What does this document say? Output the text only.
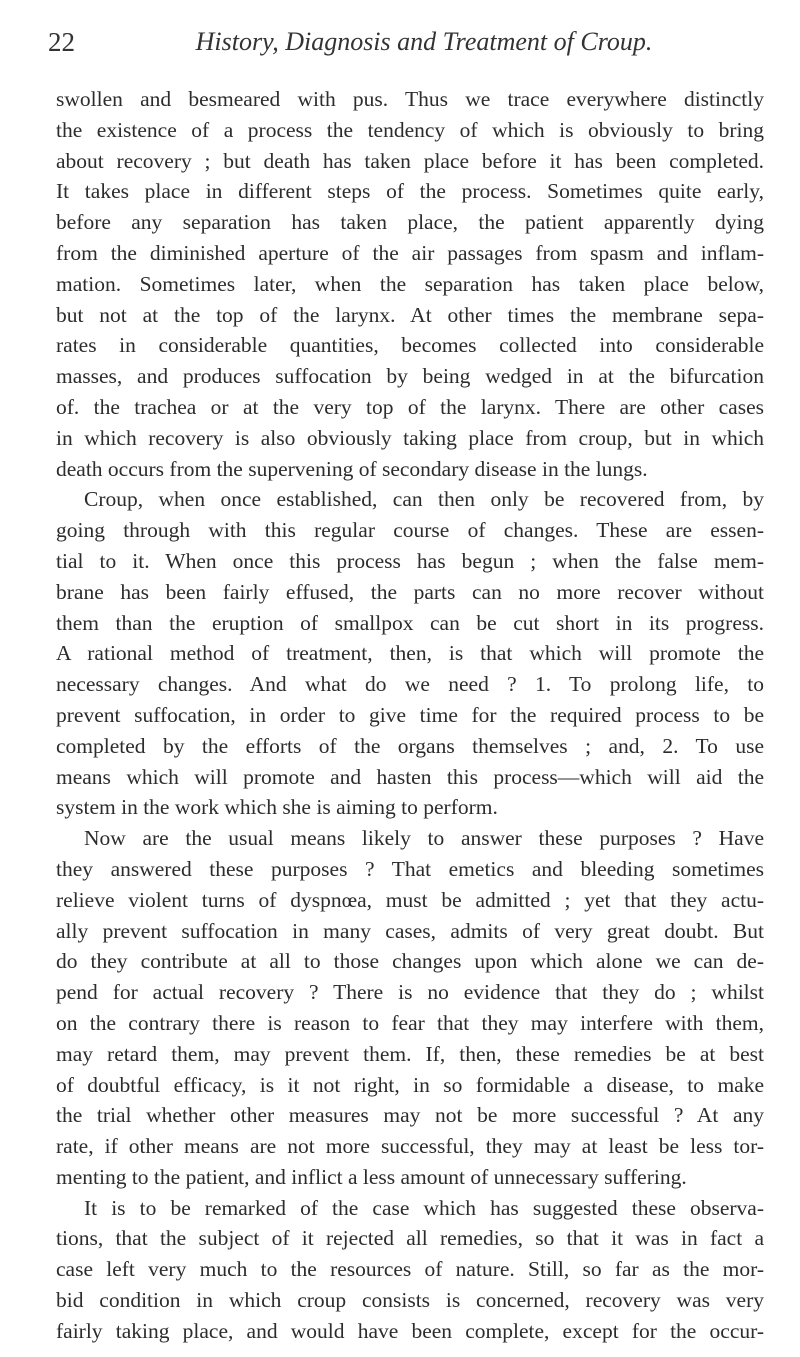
22	History, Diagnosis and Treatment of Croup.
swollen and besmeared with pus. Thus we trace everywhere distinctly
the existence of a process the tendency of which is obviously to bring
about recovery ; but death has taken place before it has been completed.
It takes place in different steps of the process. Sometimes quite early,
before any separation has taken place, the patient apparently dying
from the diminished aperture of the air passages from spasm and inflam-
mation. Sometimes later, when the separation has taken place below,
but not at the top of the larynx. At other times the membrane sepa-
rates in considerable quantities, becomes collected into considerable
masses, and produces suffocation by being wedged in at the bifurcation
of. the trachea or at the very top of the larynx. There are other cases
in which recovery is also obviously taking place from croup, but in which
death occurs from the supervening of secondary disease in the lungs.
Croup, when once established, can then only be recovered from, by
going through with this regular course of changes. These are essen-
tial to it. When once this process has begun ; when the false mem-
brane has been fairly effused, the parts can no more recover without
them than the eruption of smallpox can be cut short in its progress.
A rational method of treatment, then, is that which will promote the
necessary changes. And what do we need ? 1. To prolong life, to
prevent suffocation, in order to give time for the required process to be
completed by the efforts of the organs themselves ; and, 2. To use
means which will promote and hasten this process—which will aid the
system in the work which she is aiming to perform.
Now are the usual means likely to answer these purposes ? Have
they answered these purposes ? That emetics and bleeding sometimes
relieve violent turns of dyspnœa, must be admitted ; yet that they actu-
ally prevent suffocation in many cases, admits of very great doubt. But
do they contribute at all to those changes upon which alone we can de-
pend for actual recovery ? There is no evidence that they do ; whilst
on the contrary there is reason to fear that they may interfere with them,
may retard them, may prevent them. If, then, these remedies be at best
of doubtful efficacy, is it not right, in so formidable a disease, to make
the trial whether other measures may not be more successful ? At any
rate, if other means are not more successful, they may at least be less tor-
menting to the patient, and inflict a less amount of unnecessary suffering.
It is to be remarked of the case which has suggested these observa-
tions, that the subject of it rejected all remedies, so that it was in fact a
case left very much to the resources of nature. Still, so far as the mor-
bid condition in which croup consists is concerned, recovery was very
fairly taking place, and would have been complete, except for the occur-
